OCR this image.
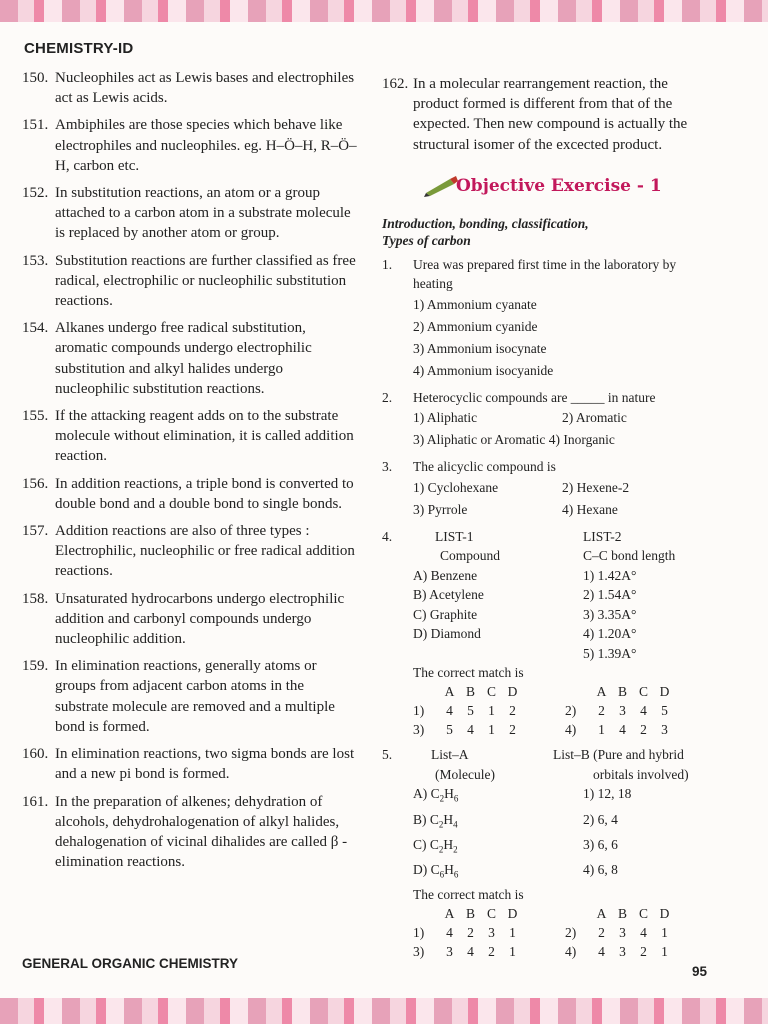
CHEMISTRY-ID
150. Nucleophiles act as Lewis bases and electrophiles act as Lewis acids.
151. Ambiphiles are those species which behave like electrophiles and nucleophiles. eg. H–Ö–H, R–Ö–H, carbon etc.
152. In substitution reactions, an atom or a group attached to a carbon atom in a substrate molecule is replaced by another atom or group.
153. Substitution reactions are further classified as free radical, electrophilic or nucleophilic substitution reactions.
154. Alkanes undergo free radical substitution, aromatic compounds undergo electrophilic substitution and alkyl halides undergo nucleophilic substitution reactions.
155. If the attacking reagent adds on to the substrate molecule without elimination, it is called addition reaction.
156. In addition reactions, a triple bond is converted to double bond and a double bond to single bonds.
157. Addition reactions are also of three types : Electrophilic, nucleophilic or free radical addition reactions.
158. Unsaturated hydrocarbons undergo electrophilic addition and carbonyl compounds undergo nucleophilic addition.
159. In elimination reactions, generally atoms or groups from adjacent carbon atoms in the substrate molecule are removed and a multiple bond is formed.
160. In elimination reactions, two sigma bonds are lost and a new pi bond is formed.
161. In the preparation of alkenes; dehydration of alcohols, dehydrohalogenation of alkyl halides, dehalogenation of vicinal dihalides are called β -elimination reactions.
162. In a molecular rearrangement reaction, the product formed is different from that of the expected. Then new compound is actually the structural isomer of the excected product.
Objective Exercise - 1
Introduction, bonding, classification,
Types of carbon
1. Urea was prepared first time in the laboratory by heating
1) Ammonium cyanate
2) Ammonium cyanide
3) Ammonium isocynate
4) Ammonium isocyanide
2. Heterocyclic compounds are _____ in nature
1) Aliphatic	2) Aromatic
3) Aliphatic or Aromatic 4) Inorganic
3. The alicyclic compound is
1) Cyclohexane	2) Hexene-2
3) Pyrrole	4) Hexane
4.	LIST-1	LIST-2
Compound	C–C bond length
A) Benzene	1) 1.42A°
B) Acetylene	2) 1.54A°
C) Graphite	3) 3.35A°
D) Diamond	4) 1.20A°
5) 1.39A°
The correct match is
A B C D	A B C D
1)	4	5	1	2	2)	2	3	4	5
3)	5	4	1	2	4)	1	4	2	3
5.	List–A	List–B (Pure and hybrid
(Molecule)	orbitals involved)
A) $C_2H_6$	1) 12, 18
B) $C_2H_4$	2) 6, 4
C) $C_2H_2$	3) 6, 6
D) $C_6H_6$	4) 6, 8
The correct match is
A B C D	A B C D
1)	4	2	3	1	2)	2	3	4	1
3)	3	4	2	1	4)	4	3	2	1
GENERAL ORGANIC CHEMISTRY
95
